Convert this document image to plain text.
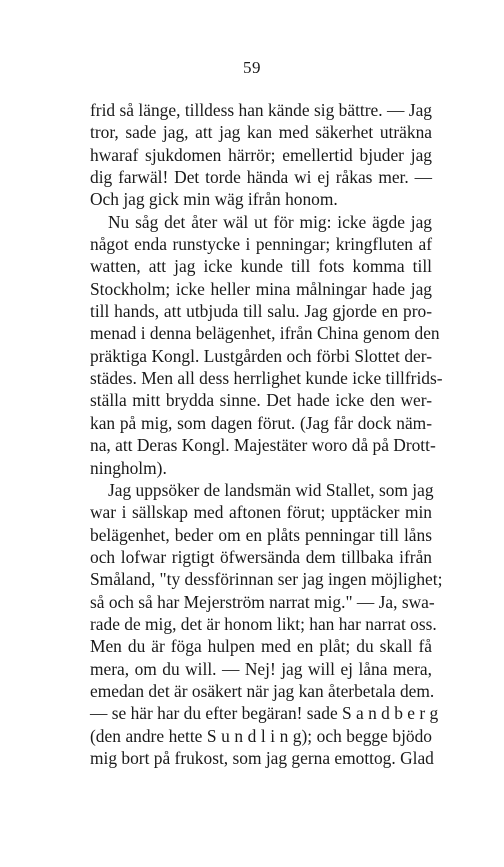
59
frid så länge, tilldess han kände sig bättre. — Jag
tror, sade jag, att jag kan med säkerhet uträkna
hwaraf sjukdomen härrör; emellertid bjuder jag
dig farwäl! Det torde hända wi ej råkas mer. —
Och jag gick min wäg ifrån honom.
Nu såg det åter wäl ut för mig: icke ägde jag
något enda runstycke i penningar; kringfluten af
watten, att jag icke kunde till fots komma till
Stockholm; icke heller mina målningar hade jag
till hands, att utbjuda till salu. Jag gjorde en pro-
menad i denna belägenhet, ifrån China genom den
präktiga Kongl. Lustgården och förbi Slottet der-
städes. Men all dess herrlighet kunde icke tillfrids-
ställa mitt brydda sinne. Det hade icke den wer-
kan på mig, som dagen förut. (Jag får dock näm-
na, att Deras Kongl. Majestäter woro då på Drott-
ningholm).
Jag uppsöker de landsmän wid Stallet, som jag
war i sällskap med aftonen förut; upptäcker min
belägenhet, beder om en plåts penningar till låns
och lofwar rigtigt öfwersända dem tillbaka ifrån
Småland, "ty dessförinnan ser jag ingen möjlighet;
så och så har Mejerström narrat mig." — Ja, swa-
rade de mig, det är honom likt; han har narrat oss.
Men du är föga hulpen med en plåt; du skall få
mera, om du will. — Nej! jag will ej låna mera,
emedan det är osäkert när jag kan återbetala dem.
— se här har du efter begäran! sade S a n d b e r g
(den andre hette S u n d l i n g); och begge bjödo
mig bort på frukost, som jag gerna emottog. Glad
